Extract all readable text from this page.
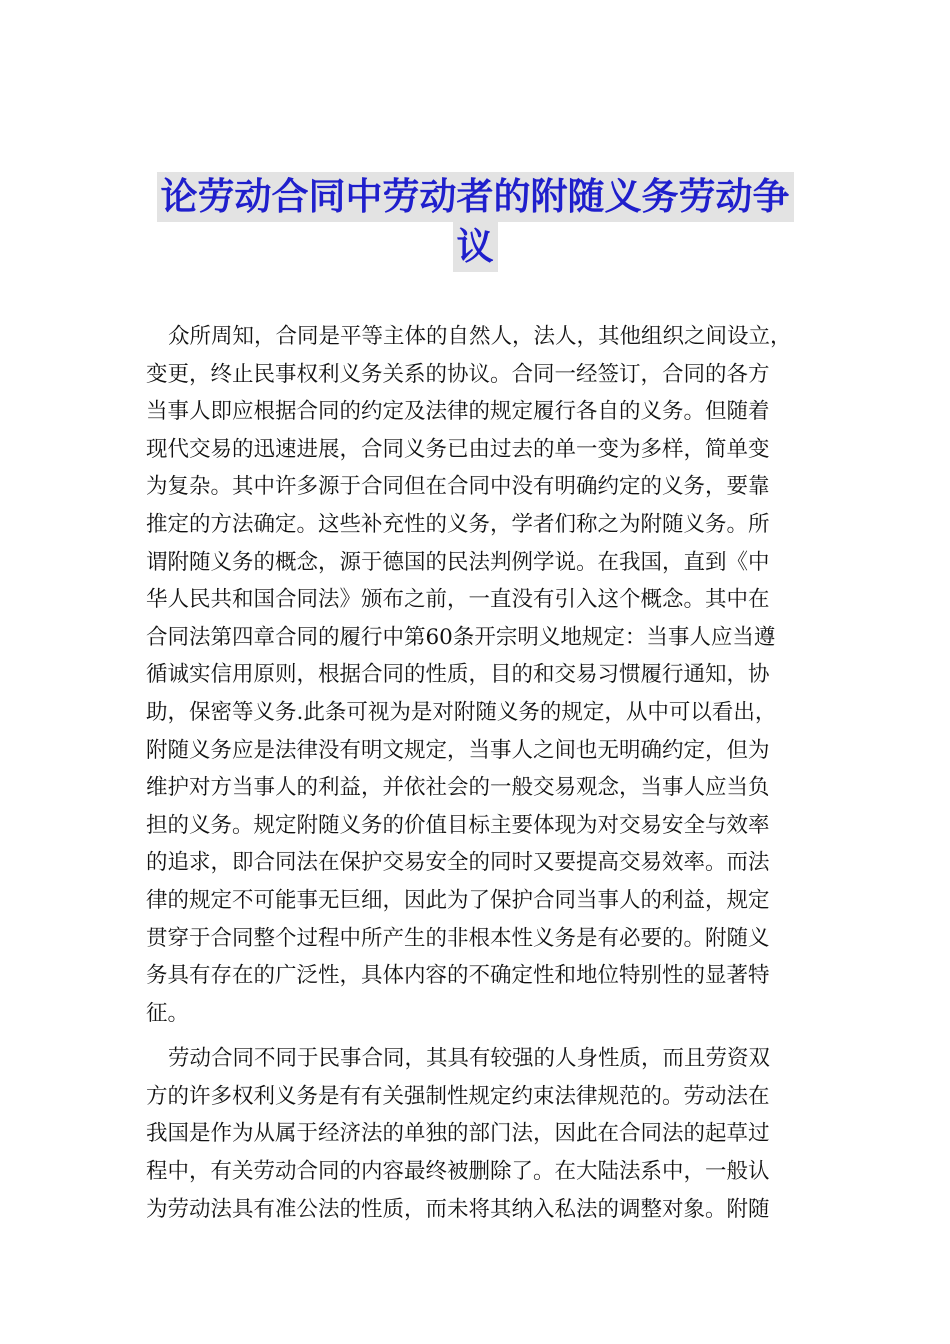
论劳动合同中劳动者的附随义务劳动争
议
众所周知，合同是平等主体的自然人，法人，其他组织之间设立，
变更，终止民事权利义务关系的协议。合同一经签订，合同的各方
当事人即应根据合同的约定及法律的规定履行各自的义务。但随着
现代交易的迅速进展，合同义务已由过去的单一变为多样，简单变
为复杂。其中许多源于合同但在合同中没有明确约定的义务，要靠
推定的方法确定。这些补充性的义务，学者们称之为附随义务。所
谓附随义务的概念，源于德国的民法判例学说。在我国，直到《中
华人民共和国合同法》颁布之前，一直没有引入这个概念。其中在
合同法第四章合同的履行中第60条开宗明义地规定：当事人应当遵
循诚实信用原则，根据合同的性质，目的和交易习惯履行通知，协
助，保密等义务.此条可视为是对附随义务的规定，从中可以看出，
附随义务应是法律没有明文规定，当事人之间也无明确约定，但为
维护对方当事人的利益，并依社会的一般交易观念，当事人应当负
担的义务。规定附随义务的价值目标主要体现为对交易安全与效率
的追求，即合同法在保护交易安全的同时又要提高交易效率。而法
律的规定不可能事无巨细，因此为了保护合同当事人的利益，规定
贯穿于合同整个过程中所产生的非根本性义务是有必要的。附随义
务具有存在的广泛性，具体内容的不确定性和地位特别性的显著特
征。
劳动合同不同于民事合同，其具有较强的人身性质，而且劳资双
方的许多权利义务是有有关强制性规定约束法律规范的。劳动法在
我国是作为从属于经济法的单独的部门法，因此在合同法的起草过
程中，有关劳动合同的内容最终被删除了。在大陆法系中，一般认
为劳动法具有准公法的性质，而未将其纳入私法的调整对象。附随
